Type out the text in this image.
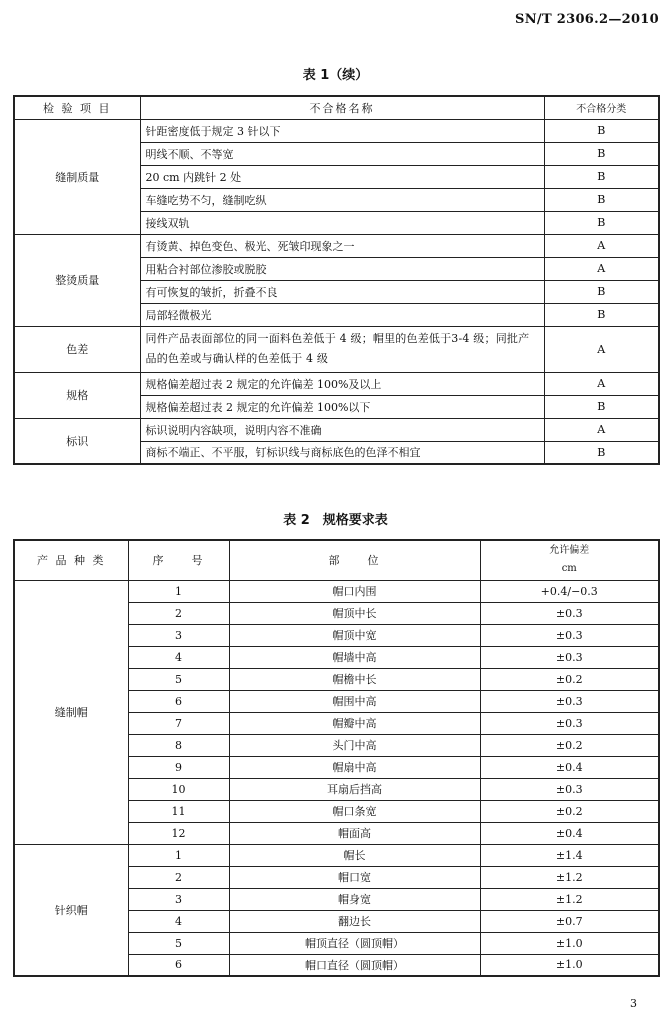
SN/T 2306.2—2010
表 1（续）
检 验 项 目	不合格名称	不合格分类
缝制质量	针距密度低于规定 3 针以下	B
	明线不顺、不等宽	B
	20 cm 内跳针 2 处	B
	车缝吃势不匀，缝制吃纵	B
	接线双轨	B
整烫质量	有烫黄、掉色变色、极光、死皱印现象之一	A
	用粘合衬部位渗胶或脱胶	A
	有可恢复的皱折，折叠不良	B
	局部轻微极光	B
色差	同件产品表面部位的同一面料色差低于 4 级；帽里的色差低于3-4 级；同批产品的色差或与确认样的色差低于 4 级	A
规格	规格偏差超过表 2 规定的允许偏差 100%及以上	A
	规格偏差超过表 2 规定的允许偏差 100%以下	B
标识	标识说明内容缺项，说明内容不准确	A
	商标不端正、不平服，钉标识线与商标底色的色泽不相宜	B
表 2　规格要求表
产 品 种 类	序　　号	部　　位	允许偏差
cm

缝制帽	1	帽口内围	+0.4/−0.3
	2	帽顶中长	±0.3
	3	帽顶中宽	±0.3
	4	帽墙中高	±0.3
	5	帽檐中长	±0.2
	6	帽围中高	±0.3
	7	帽瓣中高	±0.3
	8	头门中高	±0.2
	9	帽扇中高	±0.4
	10	耳扇后挡高	±0.3
	11	帽口条宽	±0.2
	12	帽面高	±0.4
针织帽	1	帽长	±1.4
	2	帽口宽	±1.2
	3	帽身宽	±1.2
	4	翻边长	±0.7
	5	帽顶直径（圆顶帽）	±1.0
	6	帽口直径（圆顶帽）	±1.0
3
